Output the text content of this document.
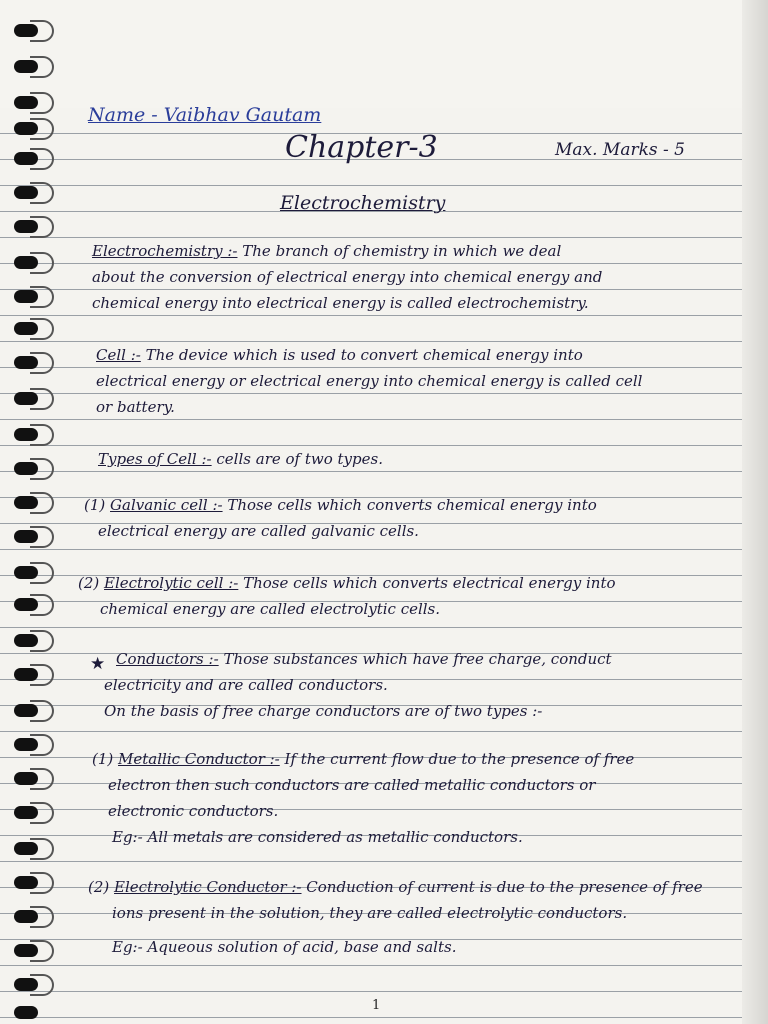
Name - Vaibhav Gautam
Chapter-3	Max. Marks - 5
Electrochemistry
Electrochemistry :- The branch of chemistry in which we deal
about the conversion of electrical energy into chemical energy and
chemical energy into electrical energy is called electrochemistry.
Cell :- The device which is used to convert chemical energy into
electrical energy or electrical energy into chemical energy is called cell
or battery.
Types of Cell :- cells are of two types.
(1) Galvanic cell :- Those cells which converts chemical energy into
electrical energy are called galvanic cells.
(2) Electrolytic cell :- Those cells which converts electrical energy into
chemical energy are called electrolytic cells.
★ Conductors :- Those substances which have free charge, conduct
electricity and are called conductors.
On the basis of free charge conductors are of two types :-
(1) Metallic Conductor :- If the current flow due to the presence of free
electron then such conductors are called metallic conductors or
electronic conductors.
Eg:- All metals are considered as metallic conductors.
(2) Electrolytic Conductor :- Conduction of current is due to the presence of free
ions present in the solution, they are called electrolytic conductors.
Eg:- Aqueous solution of acid, base and salts.
1
